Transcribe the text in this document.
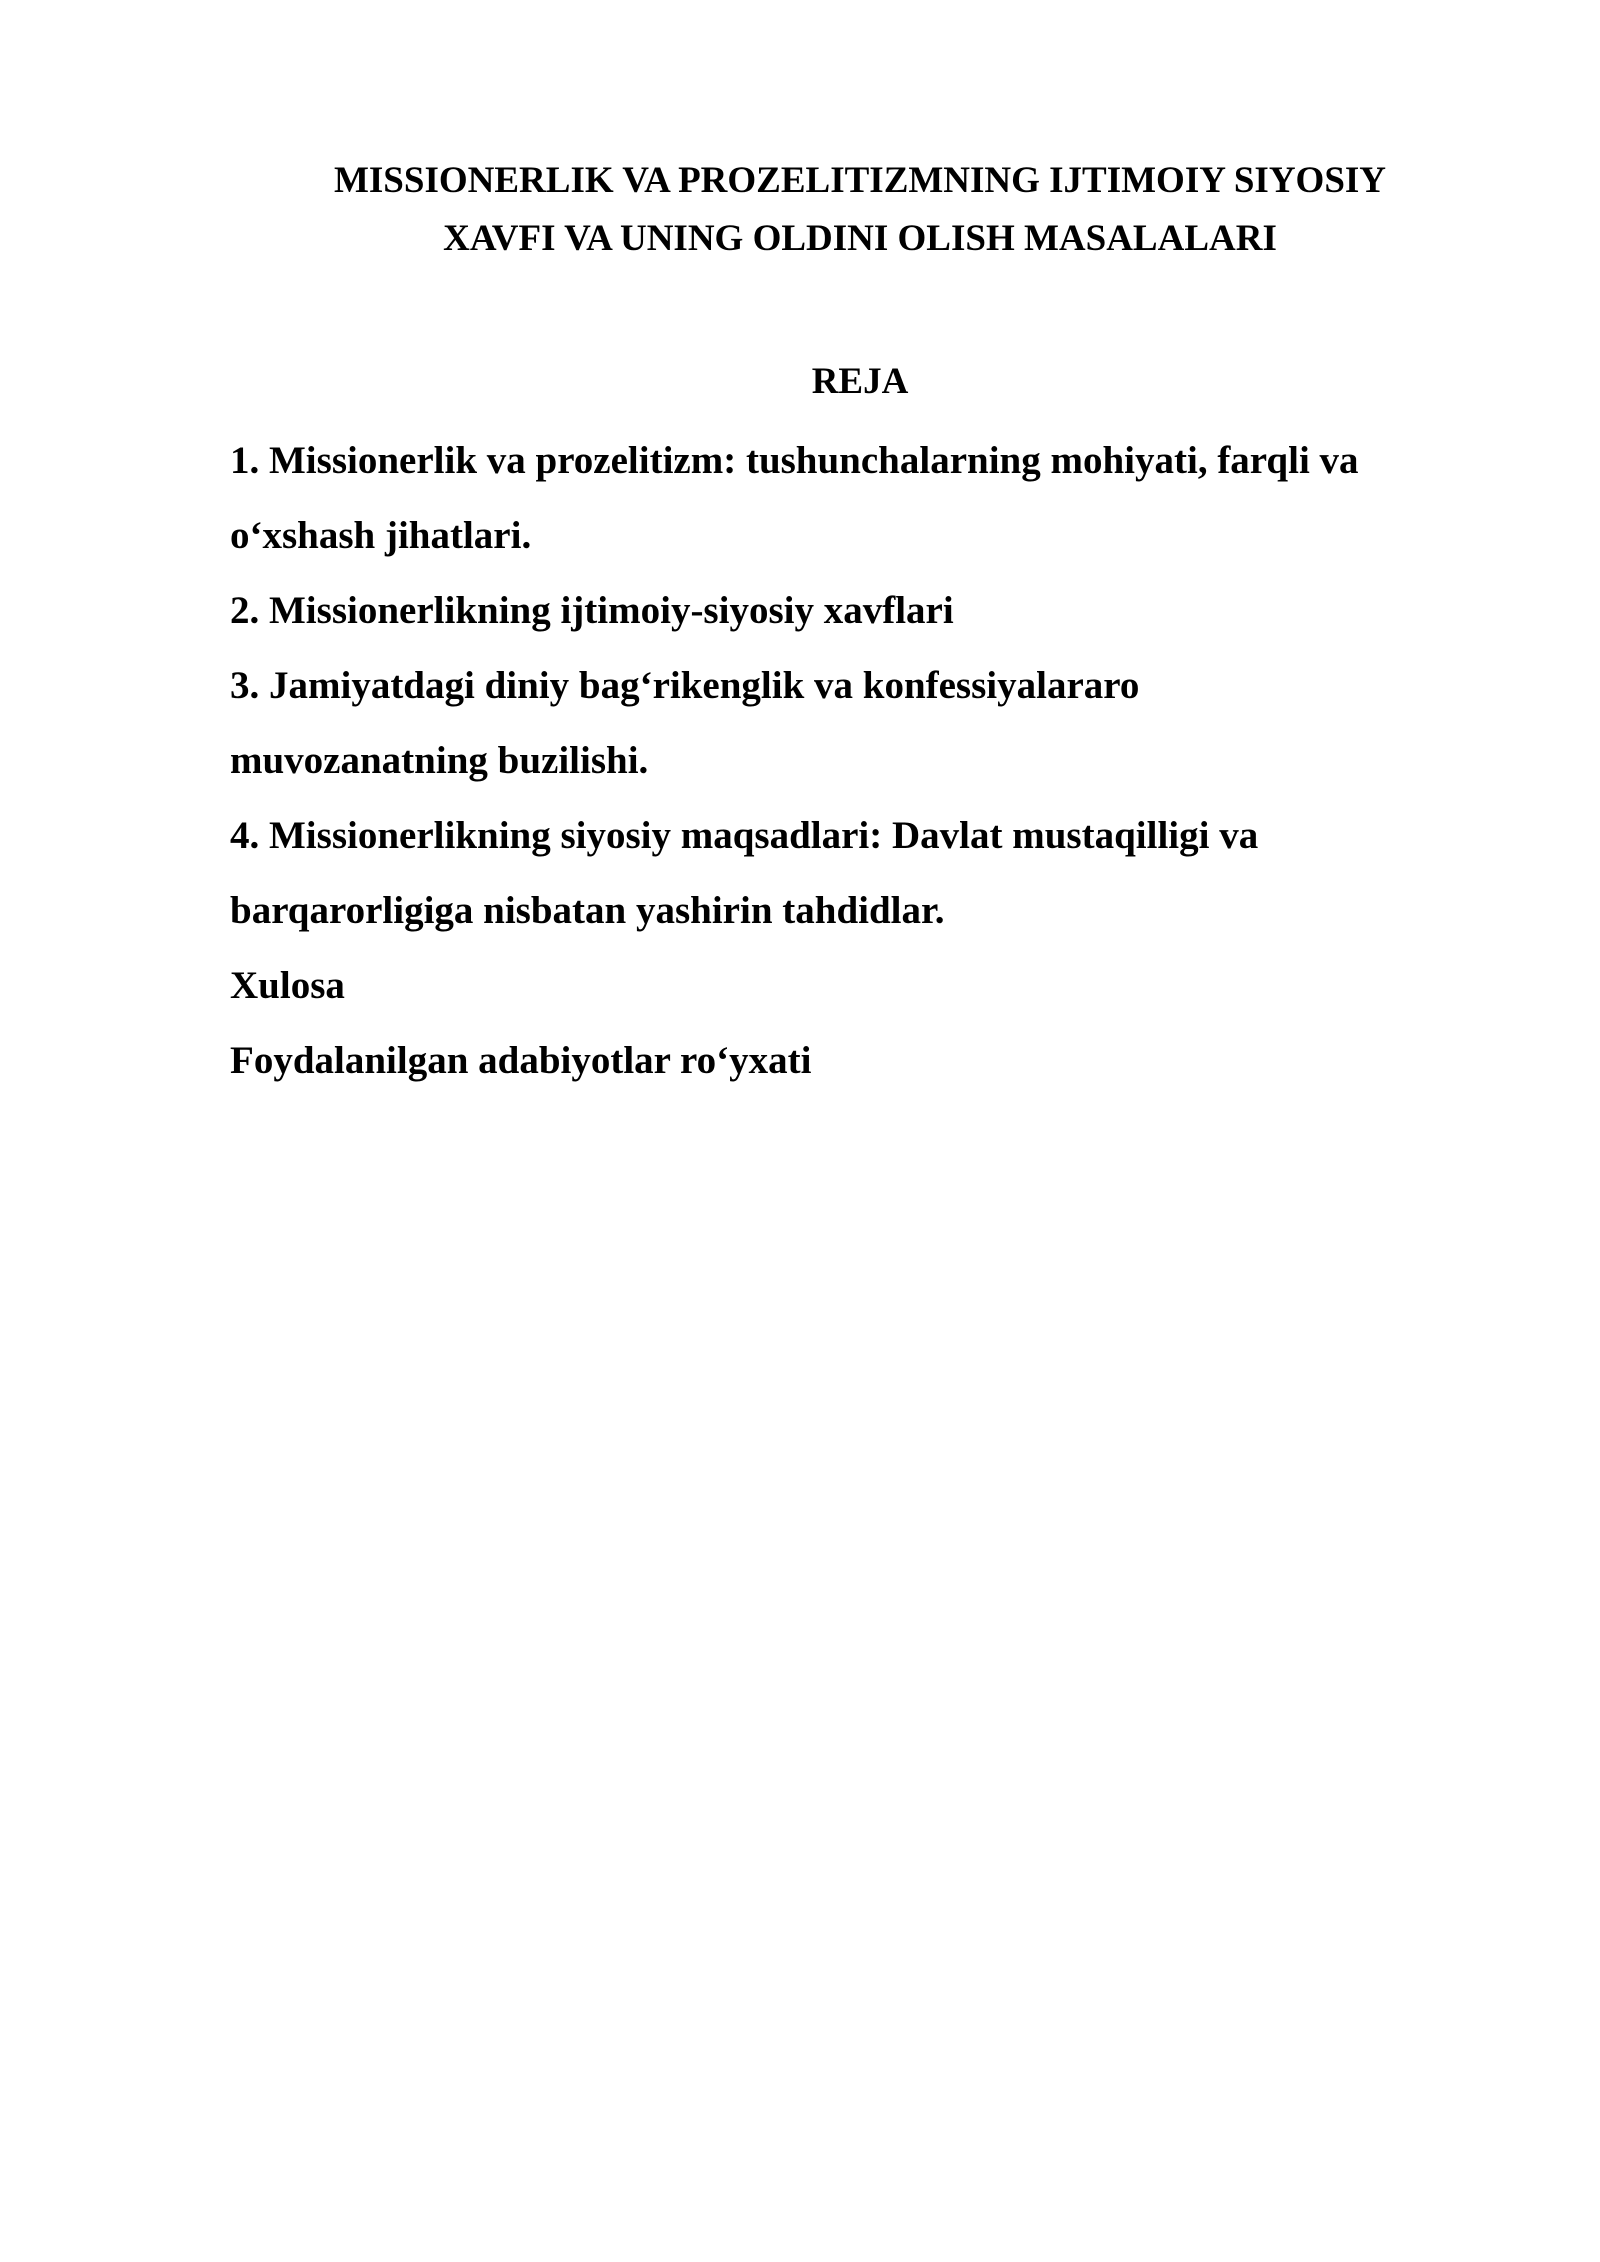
MISSIONERLIK VA PROZELITIZMNING IJTIMOIY SIYOSIY
XAVFI VA UNING OLDINI OLISH MASALALARI
REJA
1. Missionerlik va prozelitizm: tushunchalarning mohiyati, farqli va
o‘xshash jihatlari.
2. Missionerlikning ijtimoiy-siyosiy xavflari
3. Jamiyatdagi diniy bag‘rikenglik va konfessiyalararo
muvozanatning buzilishi.
4. Missionerlikning siyosiy maqsadlari: Davlat mustaqilligi va
barqarorligiga nisbatan yashirin tahdidlar.
Xulosa
Foydalanilgan adabiyotlar ro‘yxati
